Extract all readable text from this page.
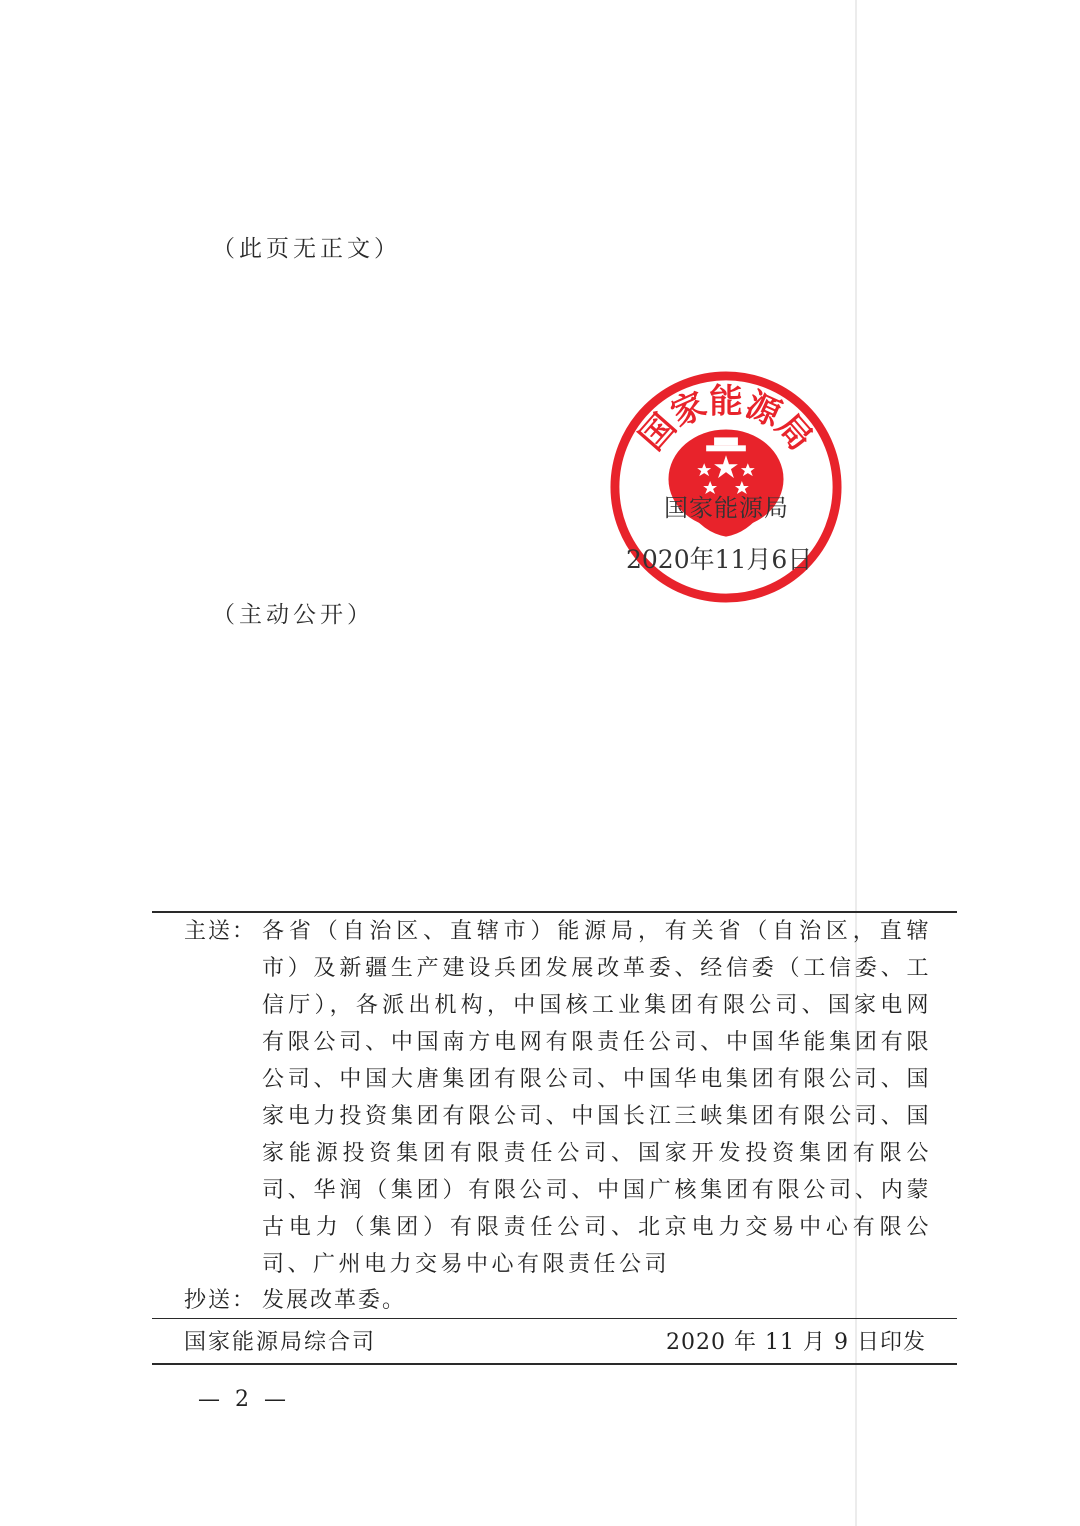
（此页无正文）
国家能源局
国家能源局
2020年11月6日
（主动公开）
主送： 各省（自治区、直辖市）能源局，有关省（自治区，直辖市）及新疆生产建设兵团发展改革委、经信委（工信委、工信厅），各派出机构，中国核工业集团有限公司、国家电网有限公司、中国南方电网有限责任公司、中国华能集团有限公司、中国大唐集团有限公司、中国华电集团有限公司、国家电力投资集团有限公司、中国长江三峡集团有限公司、国家能源投资集团有限责任公司、国家开发投资集团有限公司、华润（集团）有限公司、中国广核集团有限公司、内蒙古电力（集团）有限责任公司、北京电力交易中心有限公司、广州电力交易中心有限责任公司
抄送： 发展改革委。
国家能源局综合司	2020 年 11 月 9 日印发
— 2 —
